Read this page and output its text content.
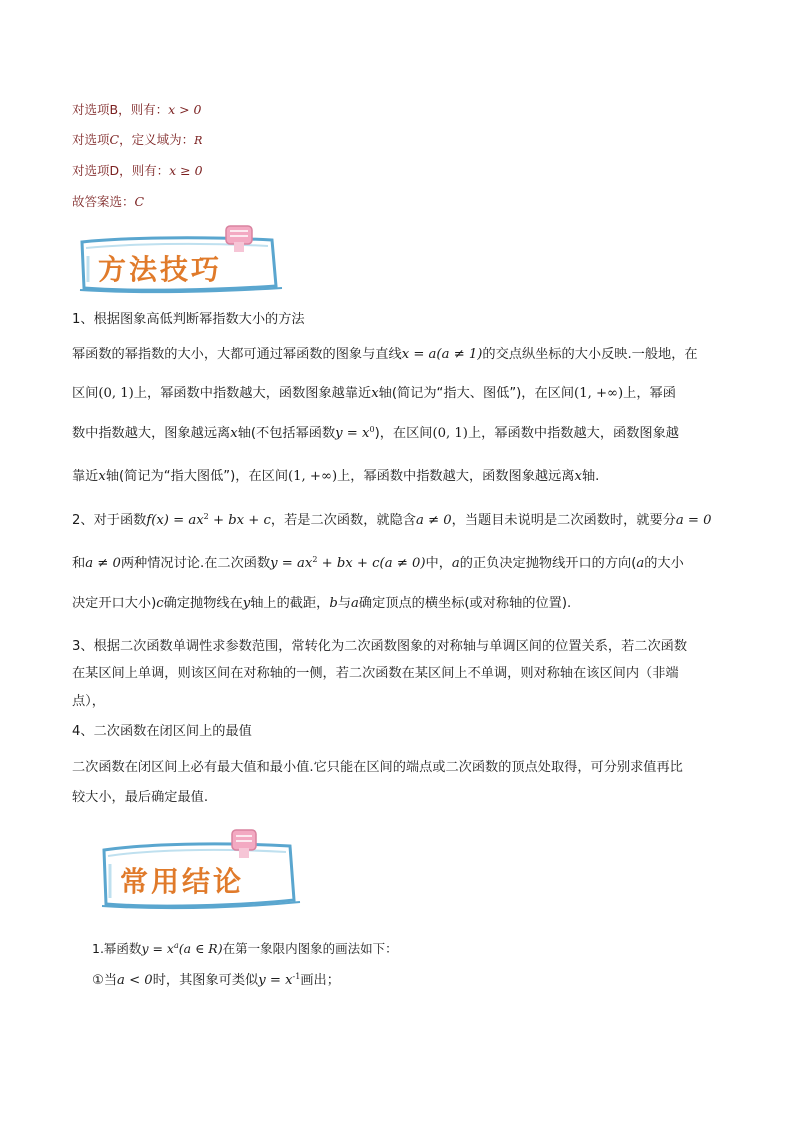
对选项B，则有：x > 0
对选项C，定义域为：R
对选项D，则有：x ≥ 0
故答案选：C
方法技巧
1、根据图象高低判断幂指数大小的方法
幂函数的幂指数的大小，大都可通过幂函数的图象与直线x = a(a ≠ 1)的交点纵坐标的大小反映.一般地，在
区间(0, 1)上，幂函数中指数越大，函数图象越靠近x轴(简记为“指大、图低”)，在区间(1, +∞)上，幂函
数中指数越大，图象越远离x轴(不包括幂函数$y = x^0$)，在区间(0, 1)上，幂函数中指数越大，函数图象越
靠近x轴(简记为“指大图低”)，在区间(1, +∞)上，幂函数中指数越大，函数图象越远离x轴.
2、对于函数$f(x) = ax^2$ + bx + c，若是二次函数，就隐含a ≠ 0，当题目未说明是二次函数时，就要分a = 0
和a ≠ 0两种情况讨论.在二次函数$y = ax^2$ + bx + c(a ≠ 0)中，a的正负决定抛物线开口的方向(a的大小
决定开口大小)c确定抛物线在y轴上的截距，b与a确定顶点的横坐标(或对称轴的位置).
3、根据二次函数单调性求参数范围，常转化为二次函数图象的对称轴与单调区间的位置关系，若二次函数
在某区间上单调，则该区间在对称轴的一侧，若二次函数在某区间上不单调，则对称轴在该区间内（非端
点），
4、二次函数在闭区间上的最值
二次函数在闭区间上必有最大值和最小值.它只能在区间的端点或二次函数的顶点处取得，可分别求值再比
较大小，最后确定最值.
常用结论
1.幂函数$y = x^a(a$ ∈ R)在第一象限内图象的画法如下：
①当a < 0时，其图象可类似$y = x^{-1}$画出；
